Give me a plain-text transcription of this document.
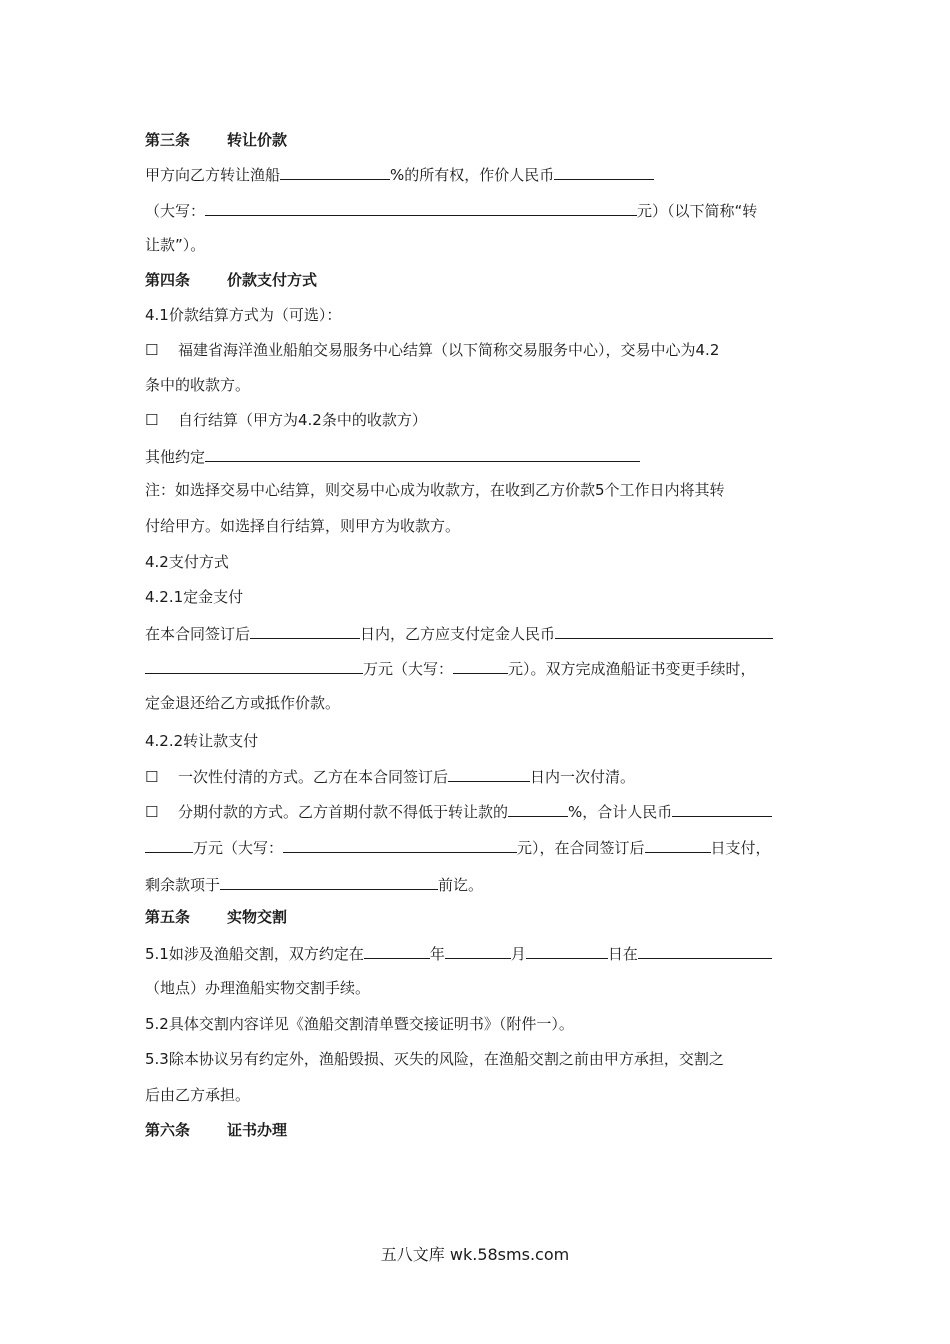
第三条 转让价款
甲方向乙方转让渔船	%的所有权，作价人民币
（大写：	元）（以下简称“转
让款”）。
第四条 价款支付方式
4.1价款结算方式为（可选）：
☐ 福建省海洋渔业船舶交易服务中心结算（以下简称交易服务中心），交易中心为4.2
条中的收款方。
☐ 自行结算（甲方为4.2条中的收款方）
其他约定
注：如选择交易中心结算，则交易中心成为收款方，在收到乙方价款5个工作日内将其转
付给甲方。如选择自行结算，则甲方为收款方。
4.2支付方式
4.2.1定金支付
在本合同签订后	日内，乙方应支付定金人民币
万元（大写：	元）。双方完成渔船证书变更手续时，
定金退还给乙方或抵作价款。
4.2.2转让款支付
☐ 一次性付清的方式。乙方在本合同签订后	日内一次付清。
☐ 分期付款的方式。乙方首期付款不得低于转让款的	%，合计人民币
万元（大写：	元），在合同签订后	日支付，
剩余款项于	前讫。
第五条 实物交割
5.1如涉及渔船交割，双方约定在	年	月	日在
（地点）办理渔船实物交割手续。
5.2具体交割内容详见《渔船交割清单暨交接证明书》（附件一）。
5.3除本协议另有约定外，渔船毁损、灭失的风险，在渔船交割之前由甲方承担，交割之
后由乙方承担。
第六条 证书办理
五八文库 wk.58sms.com
